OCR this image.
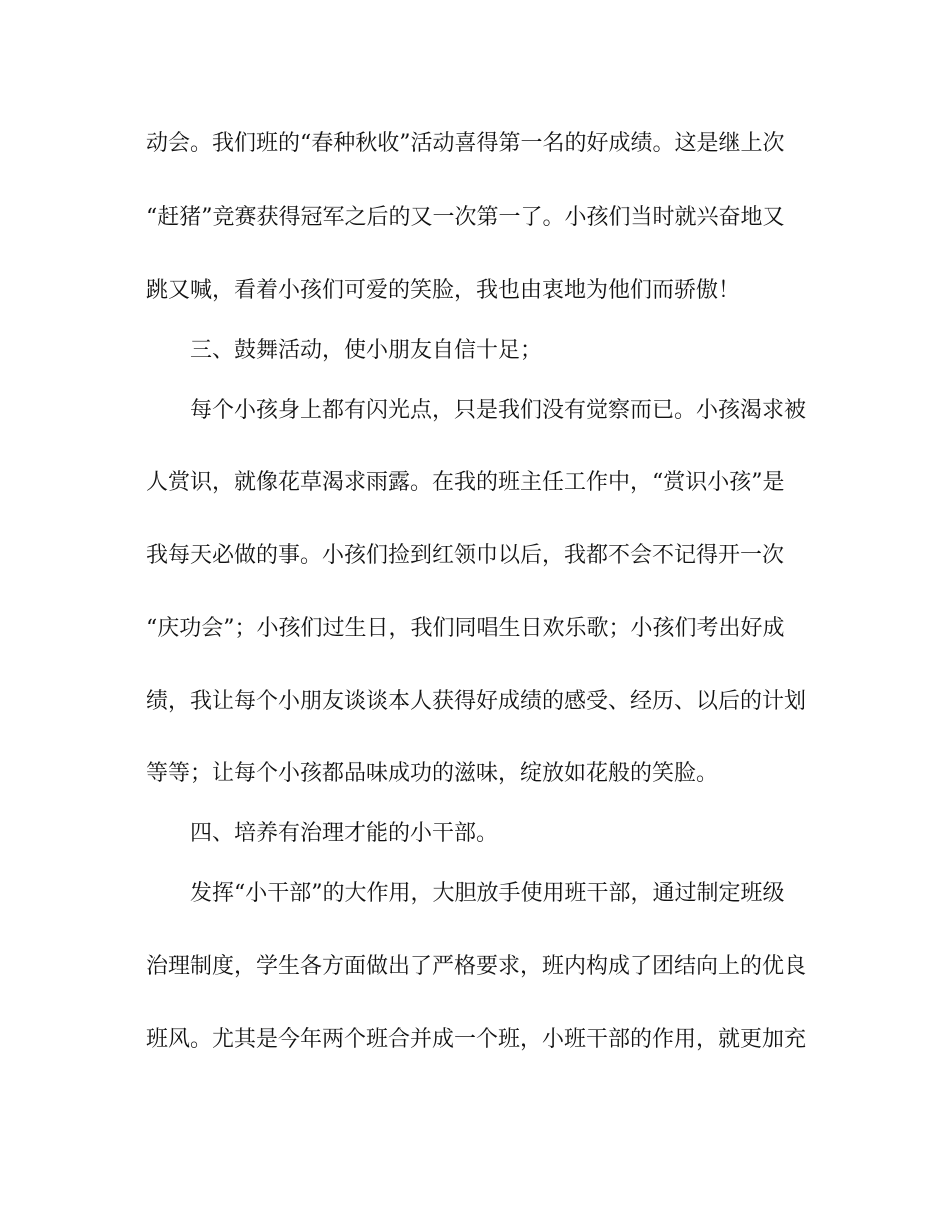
动会。我们班的“春种秋收”活动喜得第一名的好成绩。这是继上次
“赶猪”竞赛获得冠军之后的又一次第一了。小孩们当时就兴奋地又
跳又喊，看着小孩们可爱的笑脸，我也由衷地为他们而骄傲！
三、鼓舞活动，使小朋友自信十足；
每个小孩身上都有闪光点，只是我们没有觉察而已。小孩渴求被
人赏识，就像花草渴求雨露。在我的班主任工作中，“赏识小孩”是
我每天必做的事。小孩们捡到红领巾以后，我都不会不记得开一次
“庆功会”；小孩们过生日，我们同唱生日欢乐歌；小孩们考出好成
绩，我让每个小朋友谈谈本人获得好成绩的感受、经历、以后的计划
等等；让每个小孩都品味成功的滋味，绽放如花般的笑脸。
四、培养有治理才能的小干部。
发挥“小干部”的大作用，大胆放手使用班干部，通过制定班级
治理制度，学生各方面做出了严格要求，班内构成了团结向上的优良
班风。尤其是今年两个班合并成一个班，小班干部的作用，就更加充
